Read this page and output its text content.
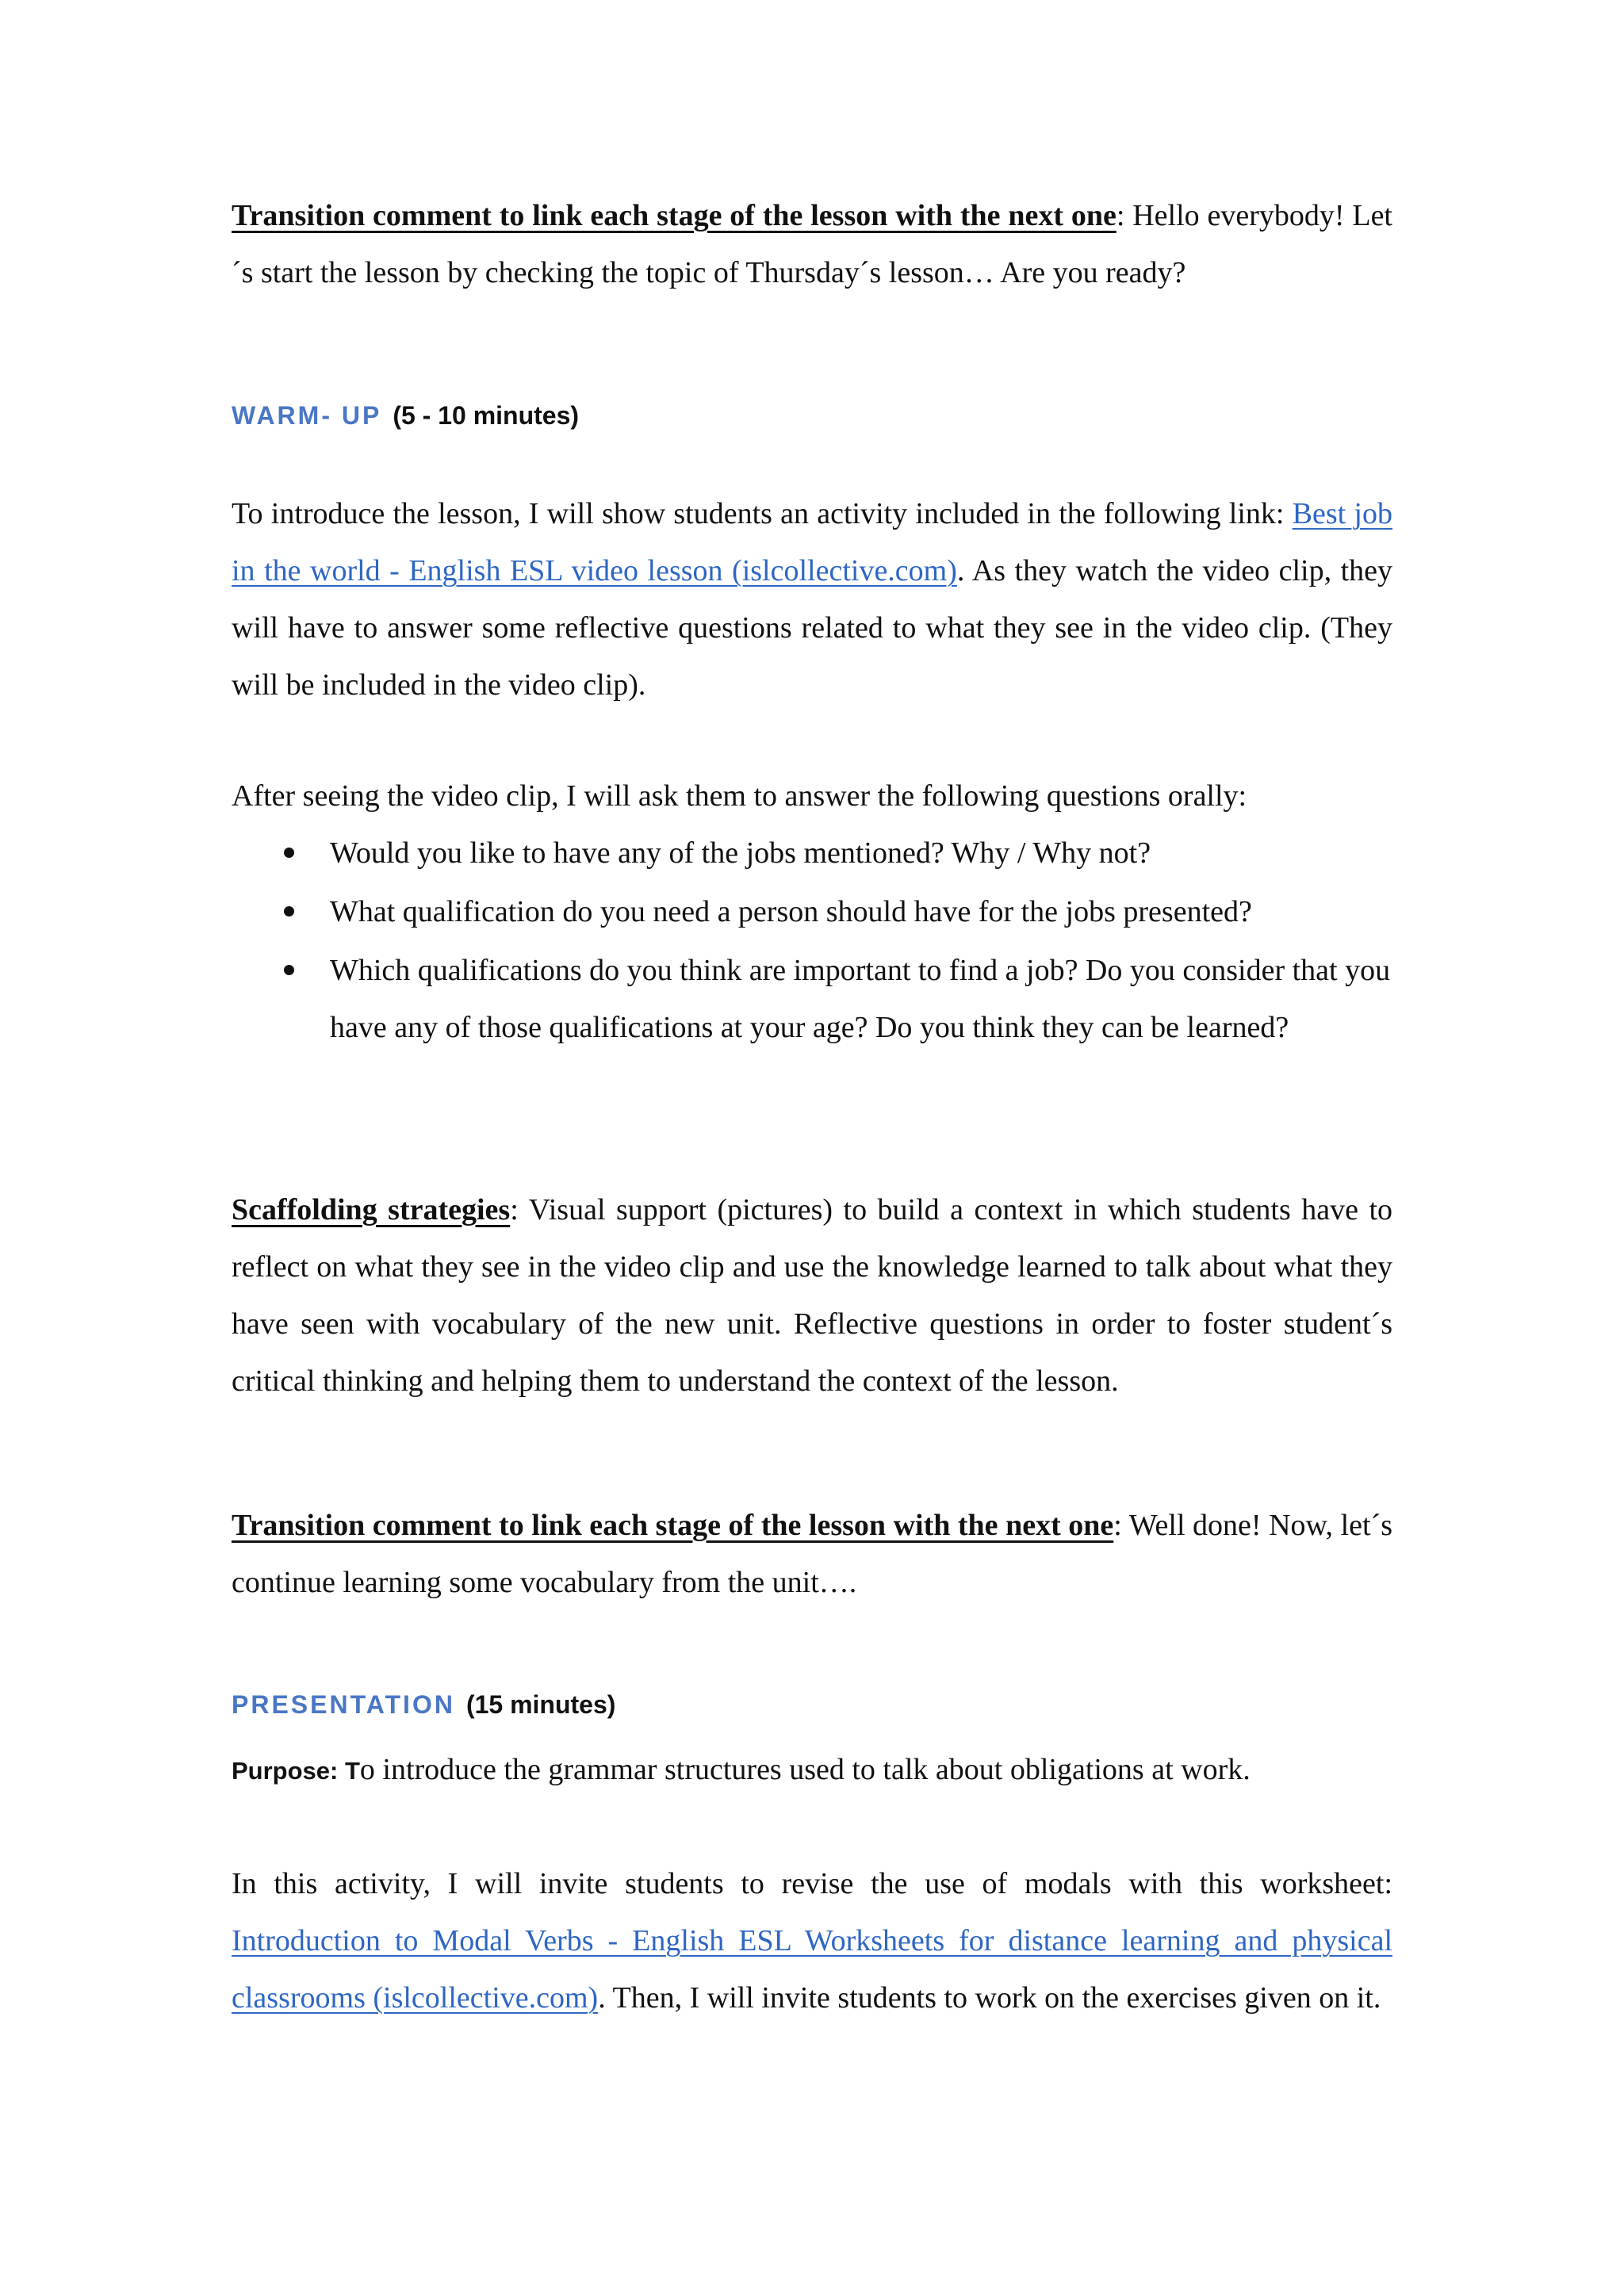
Transition comment to link each stage of the lesson with the next one: Hello everybody! Let´s start the lesson by checking the topic of Thursday´s lesson… Are you ready?

WARM- UP (5 - 10 minutes)

To introduce the lesson, I will show students an activity included in the following link: Best job in the world - English ESL video lesson (islcollective.com). As they watch the video clip, they will have to answer some reflective questions related to what they see in the video clip. (They will be included in the video clip).

After seeing the video clip, I will ask them to answer the following questions orally:

Would you like to have any of the jobs mentioned? Why / Why not?
What qualification do you need a person should have for the jobs presented?
Which qualifications do you think are important to find a job? Do you consider that you have any of those qualifications at your age? Do you think they can be learned?

Scaffolding strategies: Visual support (pictures) to build a context in which students have to reflect on what they see in the video clip and use the knowledge learned to talk about what they have seen with vocabulary of the new unit. Reflective questions in order to foster student´s critical thinking and helping them to understand the context of the lesson.

Transition comment to link each stage of the lesson with the next one: Well done! Now, let´s continue learning some vocabulary from the unit….

PRESENTATION (15 minutes)

Purpose: To introduce the grammar structures used to talk about obligations at work.

In this activity, I will invite students to revise the use of modals with this worksheet: Introduction to Modal Verbs - English ESL Worksheets for distance learning and physical classrooms (islcollective.com). Then, I will invite students to work on the exercises given on it.
